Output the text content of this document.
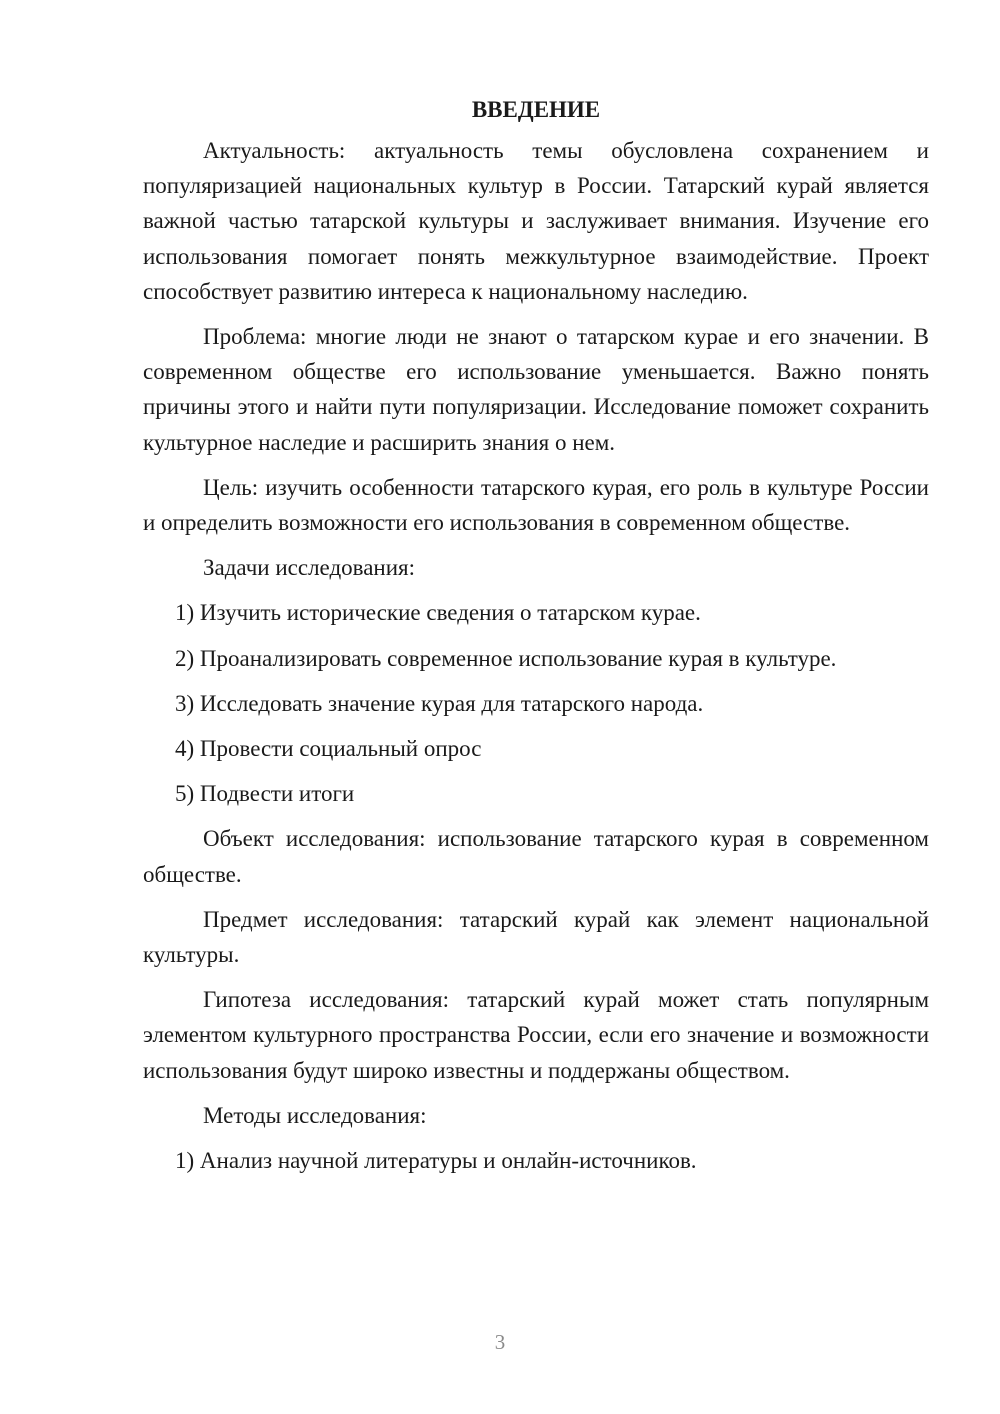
ВВЕДЕНИЕ

Актуальность: актуальность темы обусловлена сохранением и популяризацией национальных культур в России. Татарский курай является важной частью татарской культуры и заслуживает внимания. Изучение его использования помогает понять межкультурное взаимодействие. Проект способствует развитию интереса к национальному наследию.

Проблема: многие люди не знают о татарском курае и его значении. В современном обществе его использование уменьшается. Важно понять причины этого и найти пути популяризации. Исследование поможет сохранить культурное наследие и расширить знания о нем.

Цель: изучить особенности татарского курая, его роль в культуре России и определить возможности его использования в современном обществе.

Задачи исследования:

1) Изучить исторические сведения о татарском курае.

2) Проанализировать современное использование курая в культуре.

3) Исследовать значение курая для татарского народа.

4) Провести социальный опрос

5) Подвести итоги

Объект исследования: использование татарского курая в современном обществе.

Предмет исследования: татарский курай как элемент национальной культуры.

Гипотеза исследования: татарский курай может стать популярным элементом культурного пространства России, если его значение и возможности использования будут широко известны и поддержаны обществом.

Методы исследования:

1) Анализ научной литературы и онлайн-источников.

3
